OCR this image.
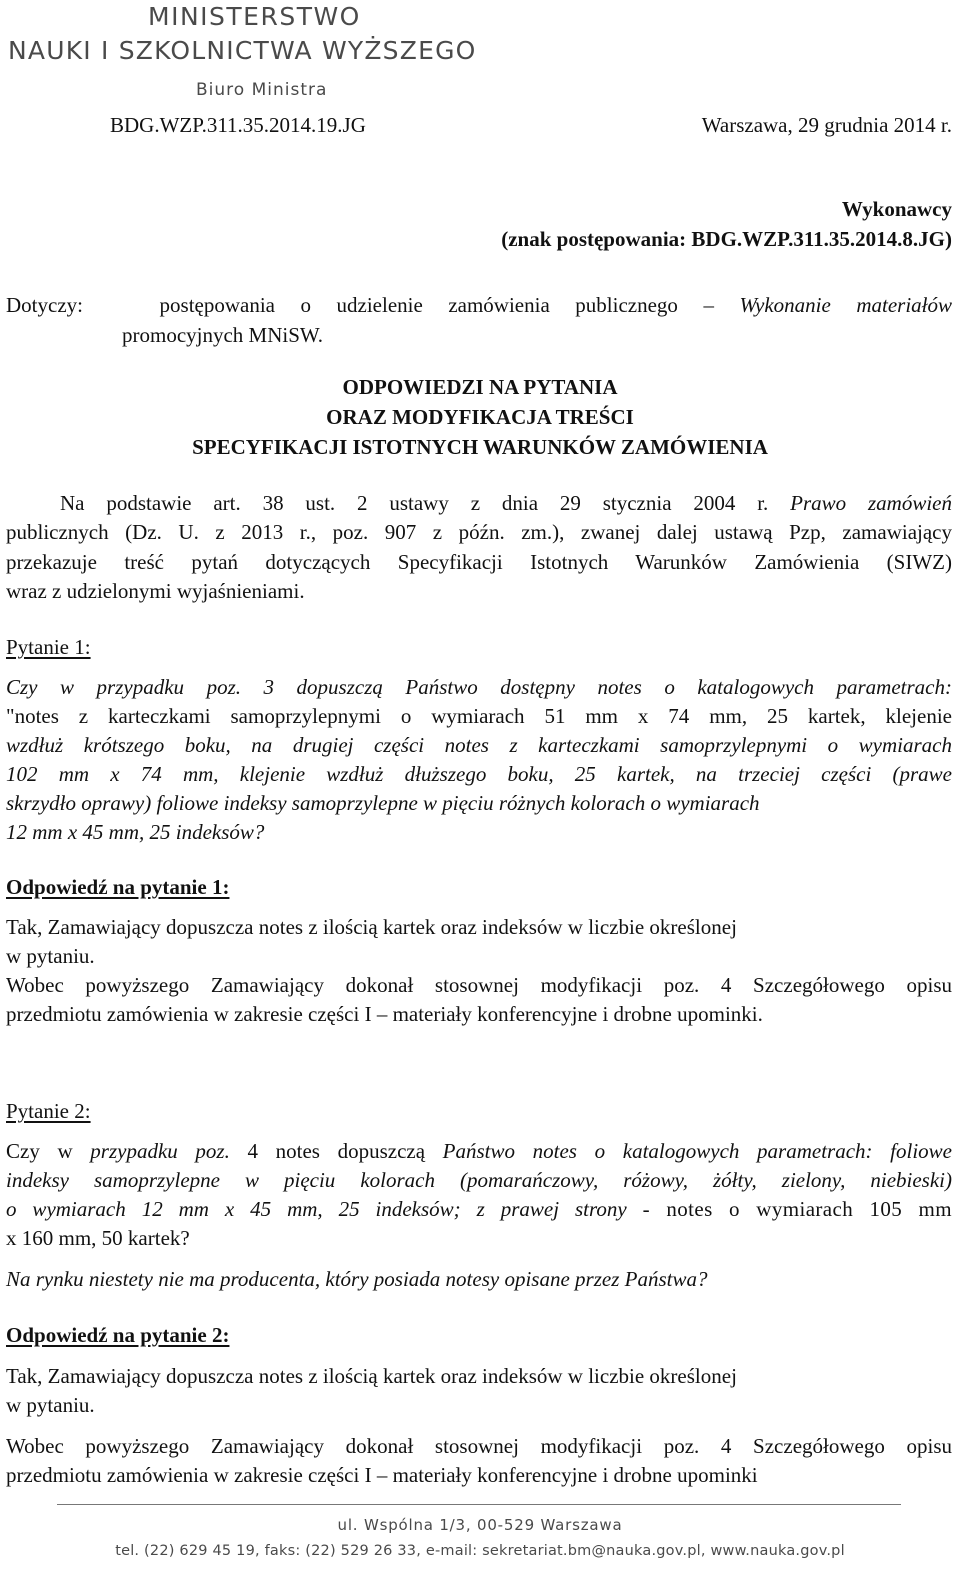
MINISTERSTWO
NAUKI I SZKOLNICTWA WYŻSZEGO
Biuro Ministra
BDG.WZP.311.35.2014.19.JG	Warszawa, 29 grudnia 2014 r.
Wykonawcy
(znak postępowania: BDG.WZP.311.35.2014.8.JG)
Dotyczy:	postępowania o udzielenie zamówienia publicznego – Wykonanie materiałów
promocyjnych MNiSW.
ODPOWIEDZI NA PYTANIA
ORAZ MODYFIKACJA TREŚCI
SPECYFIKACJI ISTOTNYCH WARUNKÓW ZAMÓWIENIA
Na podstawie art. 38 ust. 2 ustawy z dnia 29 stycznia 2004 r. Prawo zamówień
publicznych (Dz. U. z 2013 r., poz. 907 z późn. zm.), zwanej dalej ustawą Pzp, zamawiający
przekazuje treść pytań dotyczących Specyfikacji Istotnych Warunków Zamówienia (SIWZ)
wraz z udzielonymi wyjaśnieniami.
Pytanie 1:
Czy w przypadku poz. 3 dopuszczą Państwo dostępny notes o katalogowych parametrach:
"notes z karteczkami samoprzylepnymi o wymiarach 51 mm x 74 mm, 25 kartek, klejenie
wzdłuż krótszego boku, na drugiej części notes z karteczkami samoprzylepnymi o wymiarach
102 mm x 74 mm, klejenie wzdłuż dłuższego boku, 25 kartek, na trzeciej części (prawe
skrzydło oprawy) foliowe indeksy samoprzylepne w pięciu różnych kolorach o wymiarach
12 mm x 45 mm, 25 indeksów?
Odpowiedź na pytanie 1:
Tak, Zamawiający dopuszcza notes z ilością kartek oraz indeksów w liczbie określonej
w pytaniu.
Wobec powyższego Zamawiający dokonał stosownej modyfikacji poz. 4 Szczegółowego opisu
przedmiotu zamówienia w zakresie części I – materiały konferencyjne i drobne upominki.
Pytanie 2:
Czy w przypadku poz. 4 notes dopuszczą Państwo notes o katalogowych parametrach: foliowe
indeksy samoprzylepne w pięciu kolorach (pomarańczowy, różowy, żółty, zielony, niebieski)
o wymiarach 12 mm x 45 mm, 25 indeksów; z prawej strony - notes o wymiarach 105 mm
x 160 mm, 50 kartek?
Na rynku niestety nie ma producenta, który posiada notesy opisane przez Państwa?
Odpowiedź na pytanie 2:
Tak, Zamawiający dopuszcza notes z ilością kartek oraz indeksów w liczbie określonej
w pytaniu.
Wobec powyższego Zamawiający dokonał stosownej modyfikacji poz. 4 Szczegółowego opisu
przedmiotu zamówienia w zakresie części I – materiały konferencyjne i drobne upominki
ul. Wspólna 1/3, 00-529 Warszawa
tel. (22) 629 45 19, faks: (22) 529 26 33, e-mail: sekretariat.bm@nauka.gov.pl, www.nauka.gov.pl
